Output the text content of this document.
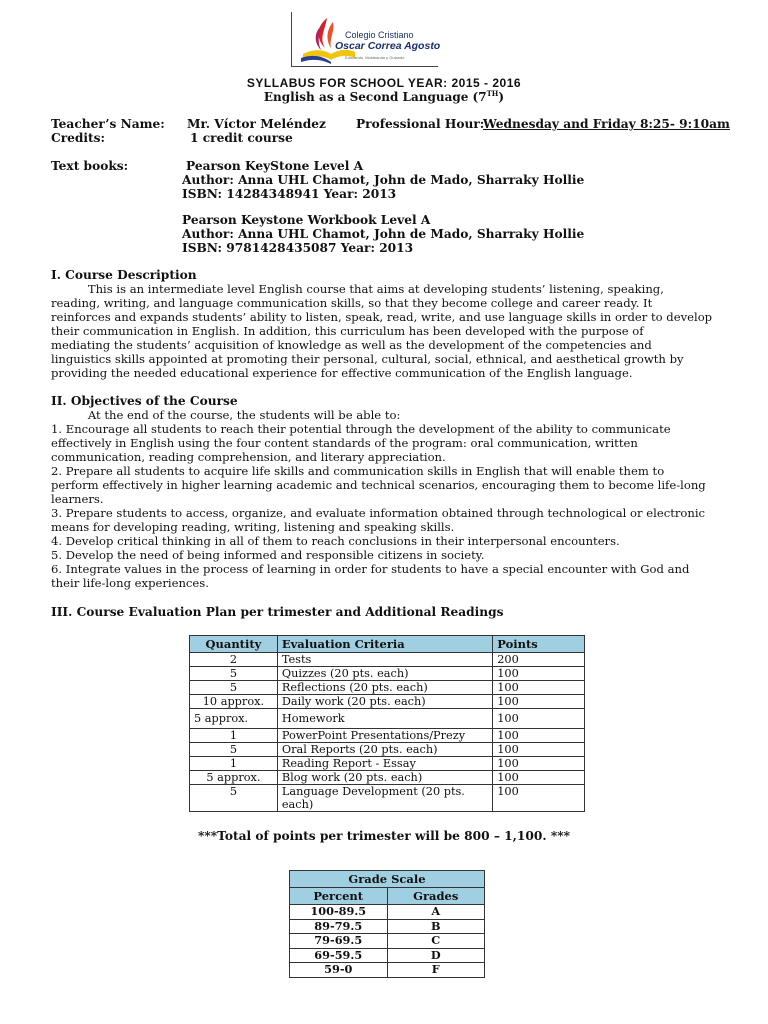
Colegio Cristiano
Oscar Correa Agosto
Educando, Moldeando y Guiando
SYLLABUS FOR SCHOOL YEAR: 2015 - 2016
English as a Second Language (7TH)
Teacher’s Name: Mr. Víctor Meléndez Professional Hour:
Wednesday and Friday 8:25- 9:10am
Credits:	1 credit course
Text books:	Pearson KeyStone Level A
Author: Anna UHL Chamot, John de Mado, Sharraky Hollie
ISBN: 14284348941 Year: 2013
Pearson Keystone Workbook Level A
Author: Anna UHL Chamot, John de Mado, Sharraky Hollie
ISBN: 9781428435087 Year: 2013
I. Course Description

This is an intermediate level English course that aims at developing students’ listening, speaking,

reading, writing, and language communication skills, so that they become college and career ready. It

reinforces and expands students’ ability to listen, speak, read, write, and use language skills in order to develop

their communication in English. In addition, this curriculum has been developed with the purpose of

mediating the students’ acquisition of knowledge as well as the development of the competencies and

linguistics skills appointed at promoting their personal, cultural, social, ethnical, and aesthetical growth by

providing the needed educational experience for effective communication of the English language.

II. Objectives of the Course

At the end of the course, the students will be able to:

1. Encourage all students to reach their potential through the development of the ability to communicate

effectively in English using the four content standards of the program: oral communication, written

communication, reading comprehension, and literary appreciation.

2. Prepare all students to acquire life skills and communication skills in English that will enable them to

perform effectively in higher learning academic and technical scenarios, encouraging them to become life-long

learners.

3. Prepare students to access, organize, and evaluate information obtained through technological or electronic

means for developing reading, writing, listening and speaking skills.

4. Develop critical thinking in all of them to reach conclusions in their interpersonal encounters.

5. Develop the need of being informed and responsible citizens in society.

6. Integrate values in the process of learning in order for students to have a special encounter with God and

their life-long experiences.

III. Course Evaluation Plan per trimester and Additional Readings
Quantity	Evaluation Criteria	Points
2	Tests	200
5	Quizzes (20 pts. each)	100
5	Reflections (20 pts. each)	100
10 approx.	Daily work (20 pts. each)	100
5 approx.	Homework	100
1	PowerPoint Presentations/Prezy	100
5	Oral Reports (20 pts. each)	100
1	Reading Report - Essay	100
5 approx.	Blog work (20 pts. each)	100
5	Language Development (20 pts. each)	100
***Total of points per trimester will be 800 – 1,100. ***
Grade Scale	
Percent	Grades
100-89.5	A
89-79.5	B
79-69.5	C
69-59.5	D
59-0	F
